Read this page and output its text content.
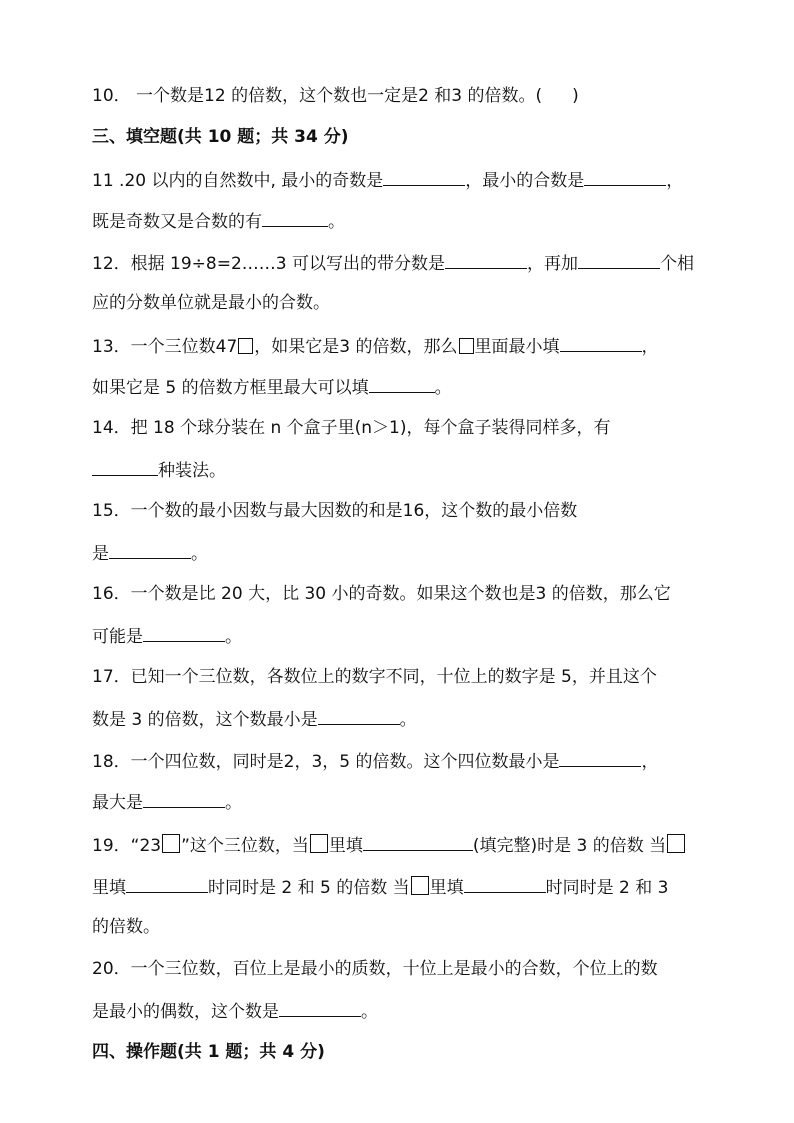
10． 一个数是12 的倍数，这个数也一定是2 和3 的倍数。( )
三、填空题(共 10 题；共 34 分)
11 .20 以内的自然数中, 最小的奇数是	，最小的合数是	，
既是奇数又是合数的有	。
12．根据 19÷8=2……3 可以写出的带分数是	，再加	个相
应的分数单位就是最小的合数。
13．一个三位数47 ，如果它是3 的倍数，那么 里面最小填	，
如果它是 5 的倍数方框里最大可以填	。
14．把 18 个球分装在 n 个盒子里(n＞1)，每个盒子装得同样多，有
种装法。
15．一个数的最小因数与最大因数的和是16，这个数的最小倍数
是	。
16．一个数是比 20 大，比 30 小的奇数。如果这个数也是3 的倍数，那么它
可能是	。
17．已知一个三位数，各数位上的数字不同，十位上的数字是 5，并且这个
数是 3 的倍数，这个数最小是	。
18．一个四位数，同时是2，3，5 的倍数。这个四位数最小是	，
最大是	。
19．“23 ”这个三位数，当 里填	(填完整)时是 3 的倍数 当
里填	时同时是 2 和 5 的倍数 当 里填	时同时是 2 和 3
的倍数。
20．一个三位数，百位上是最小的质数，十位上是最小的合数，个位上的数
是最小的偶数，这个数是	。
四、操作题(共 1 题；共 4 分)
